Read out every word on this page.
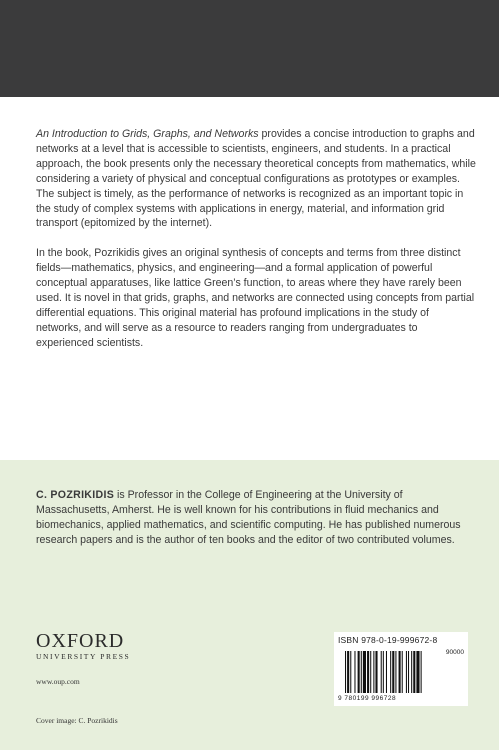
An Introduction to Grids, Graphs, and Networks provides a concise introduction to graphs and networks at a level that is accessible to scientists, engineers, and students. In a practical approach, the book presents only the necessary theoretical concepts from mathematics, while considering a variety of physical and conceptual configurations as prototypes or examples. The subject is timely, as the performance of networks is recognized as an important topic in the study of complex systems with applications in energy, material, and information grid transport (epitomized by the internet).

In the book, Pozrikidis gives an original synthesis of concepts and terms from three distinct fields—mathematics, physics, and engineering—and a formal application of powerful conceptual apparatuses, like lattice Green’s function, to areas where they have rarely been used. It is novel in that grids, graphs, and networks are connected using concepts from partial differential equations. This original material has profound implications in the study of networks, and will serve as a resource to readers ranging from undergraduates to experienced scientists.

C. POZRIKIDIS is Professor in the College of Engineering at the University of Massachusetts, Amherst. He is well known for his contributions in fluid mechanics and biomechanics, applied mathematics, and scientific computing. He has published numerous research papers and is the author of ten books and the editor of two contributed volumes.
OXFORD
UNIVERSITY PRESS
www.oup.com
Cover image: C. Pozrikidis
ISBN 978-0-19-999672-8
90000
9 780199 996728
